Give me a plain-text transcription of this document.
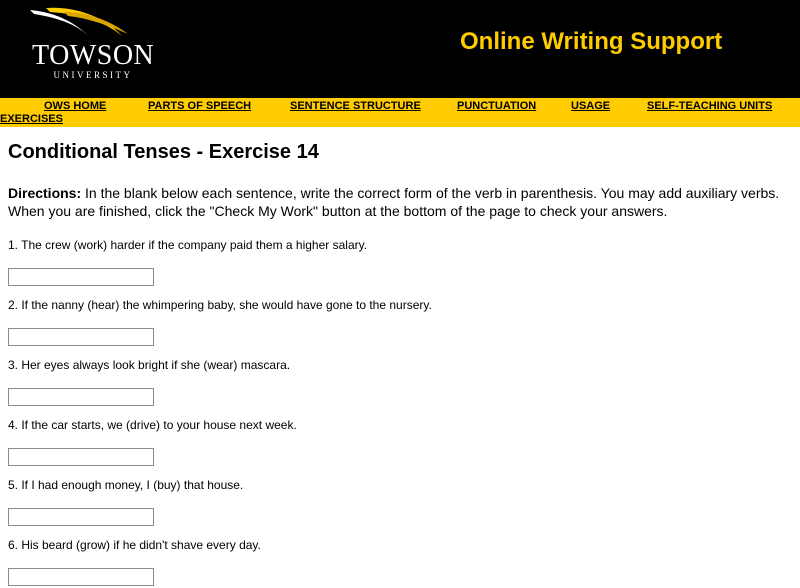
TOWSON
UNIVERSITY
Online Writing Support
OWS HOME	PARTS OF SPEECH	SENTENCE STRUCTURE	PUNCTUATION	USAGE	SELF-TEACHING UNITS
EXERCISES
Conditional Tenses - Exercise 14

Directions: In the blank below each sentence, write the correct form of the verb in parenthesis. You may add auxiliary verbs. When you are finished, click the "Check My Work" button at the bottom of the page to check your answers.

1. The crew (work) harder if the company paid them a higher salary.

2. If the nanny (hear) the whimpering baby, she would have gone to the nursery.

3. Her eyes always look bright if she (wear) mascara.

4. If the car starts, we (drive) to your house next week.

5. If I had enough money, I (buy) that house.

6. His beard (grow) if he didn't shave every day.
